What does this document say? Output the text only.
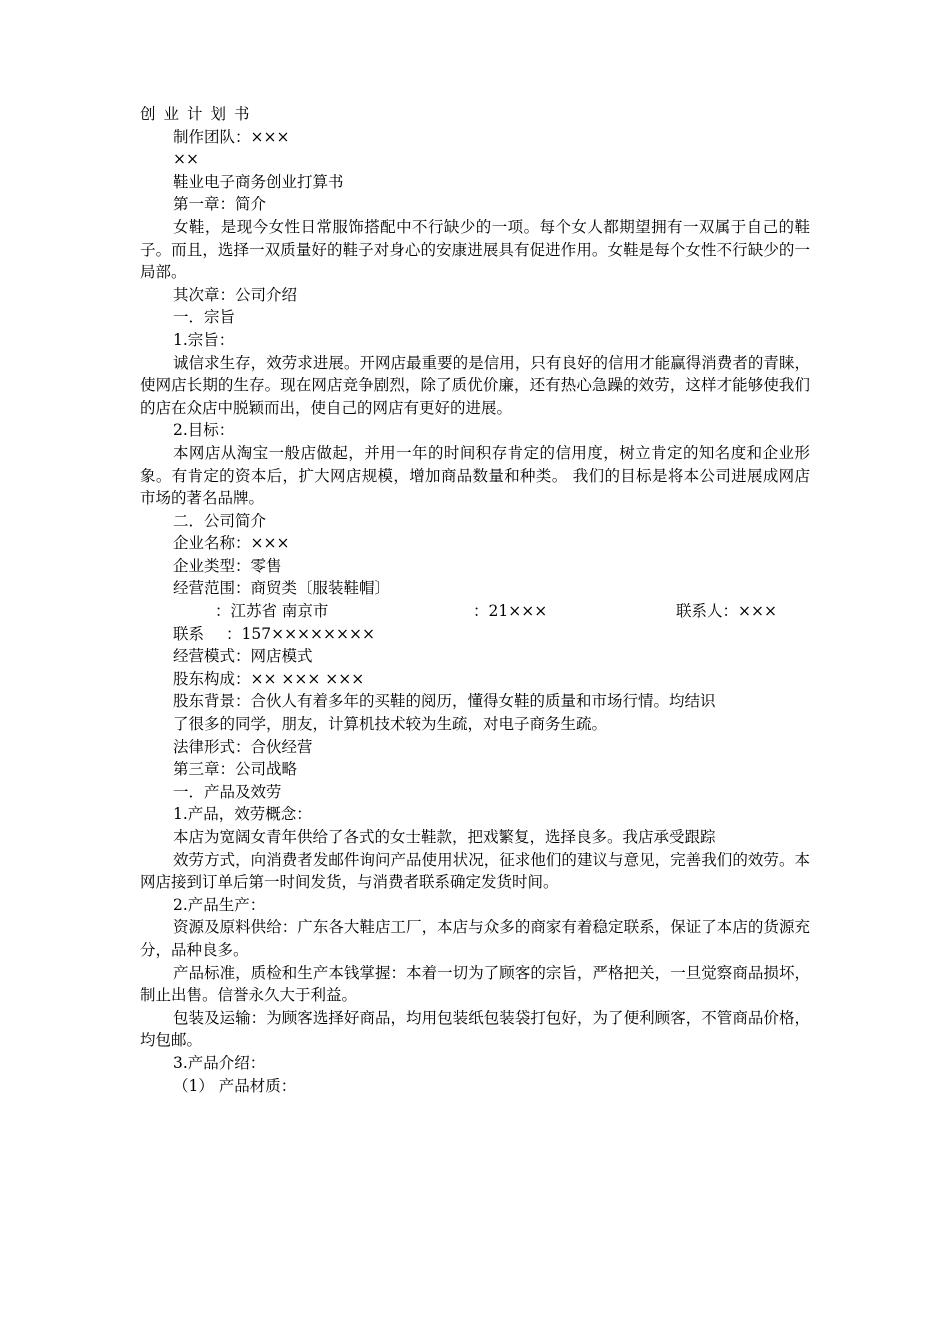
创业计划书
制作团队：×××
××
鞋业电子商务创业打算书
第一章：简介
女鞋，是现今女性日常服饰搭配中不行缺少的一项。每个女人都期望拥有一双属于自己的鞋子。而且，选择一双质量好的鞋子对身心的安康进展具有促进作用。女鞋是每个女性不行缺少的一局部。
其次章：公司介绍
一．宗旨
1.宗旨：
诚信求生存，效劳求进展。开网店最重要的是信用，只有良好的信用才能赢得消费者的青睐，使网店长期的生存。现在网店竞争剧烈，除了质优价廉，还有热心急躁的效劳，这样才能够使我们的店在众店中脱颖而出，使自己的网店有更好的进展。
2.目标：
本网店从淘宝一般店做起，并用一年的时间积存肯定的信用度，树立肯定的知名度和企业形象。有肯定的资本后，扩大网店规模，增加商品数量和种类。 我们的目标是将本公司进展成网店市场的著名品牌。
二．公司简介
企业名称：×××
企业类型：零售
经营范围：商贸类〔服装鞋帽〕
：江苏省 南京市	：21×××	联系人：×××
联系 ：157××××××××
经营模式：网店模式
股东构成：×× ××× ×××
股东背景：合伙人有着多年的买鞋的阅历，懂得女鞋的质量和市场行情。均结识
了很多的同学，朋友，计算机技术较为生疏，对电子商务生疏。
法律形式：合伙经营
第三章：公司战略
一．产品及效劳
1.产品，效劳概念：
本店为宽阔女青年供给了各式的女士鞋款，把戏繁复，选择良多。我店承受跟踪
效劳方式，向消费者发邮件询问产品使用状况，征求他们的建议与意见，完善我们的效劳。本网店接到订单后第一时间发货，与消费者联系确定发货时间。
2.产品生产：
资源及原料供给：广东各大鞋店工厂，本店与众多的商家有着稳定联系，保证了本店的货源充分，品种良多。
产品标准，质检和生产本钱掌握：本着一切为了顾客的宗旨，严格把关，一旦觉察商品损坏，制止出售。信誉永久大于利益。
包装及运输：为顾客选择好商品，均用包装纸包装袋打包好，为了便利顾客，不管商品价格，均包邮。
3.产品介绍：
（1） 产品材质：
